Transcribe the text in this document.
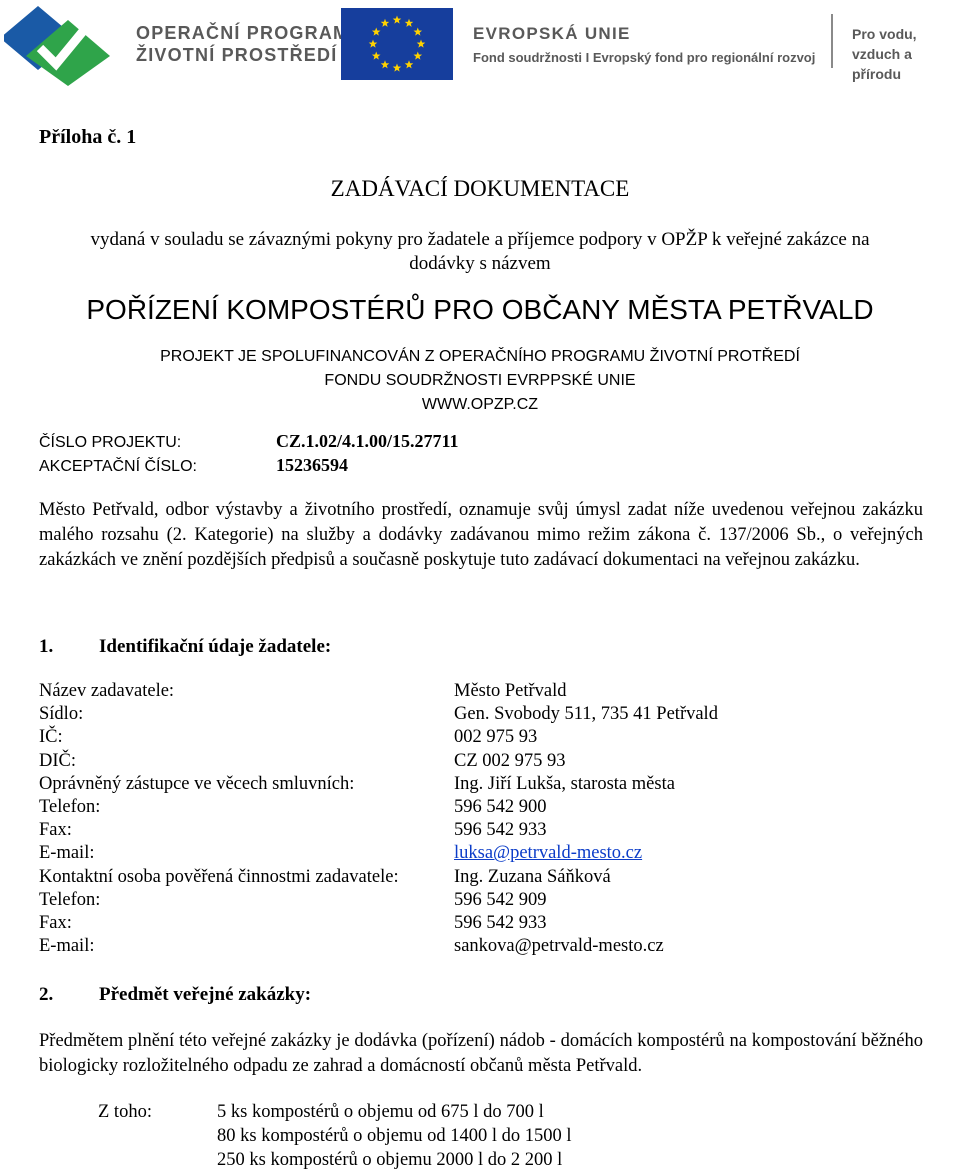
OPERAČNÍ PROGRAM
ŽIVOTNÍ PROSTŘEDÍ
EVROPSKÁ UNIE
Fond soudržnosti I Evropský fond pro regionální rozvoj
Pro vodu,
vzduch a přírodu
Příloha č. 1
ZADÁVACÍ DOKUMENTACE
vydaná v souladu se závaznými pokyny pro žadatele a příjemce podpory v OPŽP k veřejné zakázce na dodávky s názvem
POŘÍZENÍ KOMPOSTÉRŮ PRO OBČANY MĚSTA PETŘVALD
PROJEKT JE SPOLUFINANCOVÁN Z OPERAČNÍHO PROGRAMU ŽIVOTNÍ PROTŘEDÍ
FONDU SOUDRŽNOSTI EVRPPSKÉ UNIE
WWW.OPZP.CZ
ČÍSLO PROJEKTU:	CZ.1.02/4.1.00/15.27711
AKCEPTAČNÍ ČÍSLO:	15236594
Město Petřvald, odbor výstavby a životního prostředí, oznamuje svůj úmysl zadat níže uvedenou veřejnou zakázku malého rozsahu (2. Kategorie) na služby a dodávky zadávanou mimo režim zákona č. 137/2006 Sb., o veřejných zakázkách ve znění pozdějších předpisů a současně poskytuje tuto zadávací dokumentaci na veřejnou zakázku.
1. Identifikační údaje žadatele:
Název zadavatele:	Město Petřvald
Sídlo:	Gen. Svobody 511, 735 41 Petřvald
IČ:	002 975 93
DIČ:	CZ 002 975 93
Oprávněný zástupce ve věcech smluvních:	Ing. Jiří Lukša, starosta města
Telefon:	596 542 900
Fax:	596 542 933
E-mail:	luksa@petrvald-mesto.cz
Kontaktní osoba pověřená činnostmi zadavatele:	Ing. Zuzana Sáňková
Telefon:	596 542 909
Fax:	596 542 933
E-mail:	sankova@petrvald-mesto.cz
2. Předmět veřejné zakázky:
Předmětem plnění této veřejné zakázky je dodávka (pořízení) nádob - domácích kompostérů na kompostování běžného biologicky rozložitelného odpadu ze zahrad a domácností občanů města Petřvald.
Z toho:	5 ks kompostérů o objemu od 675 l do 700 l
80 ks kompostérů o objemu od 1400 l do 1500 l
250 ks kompostérů o objemu 2000 l do 2 200 l
